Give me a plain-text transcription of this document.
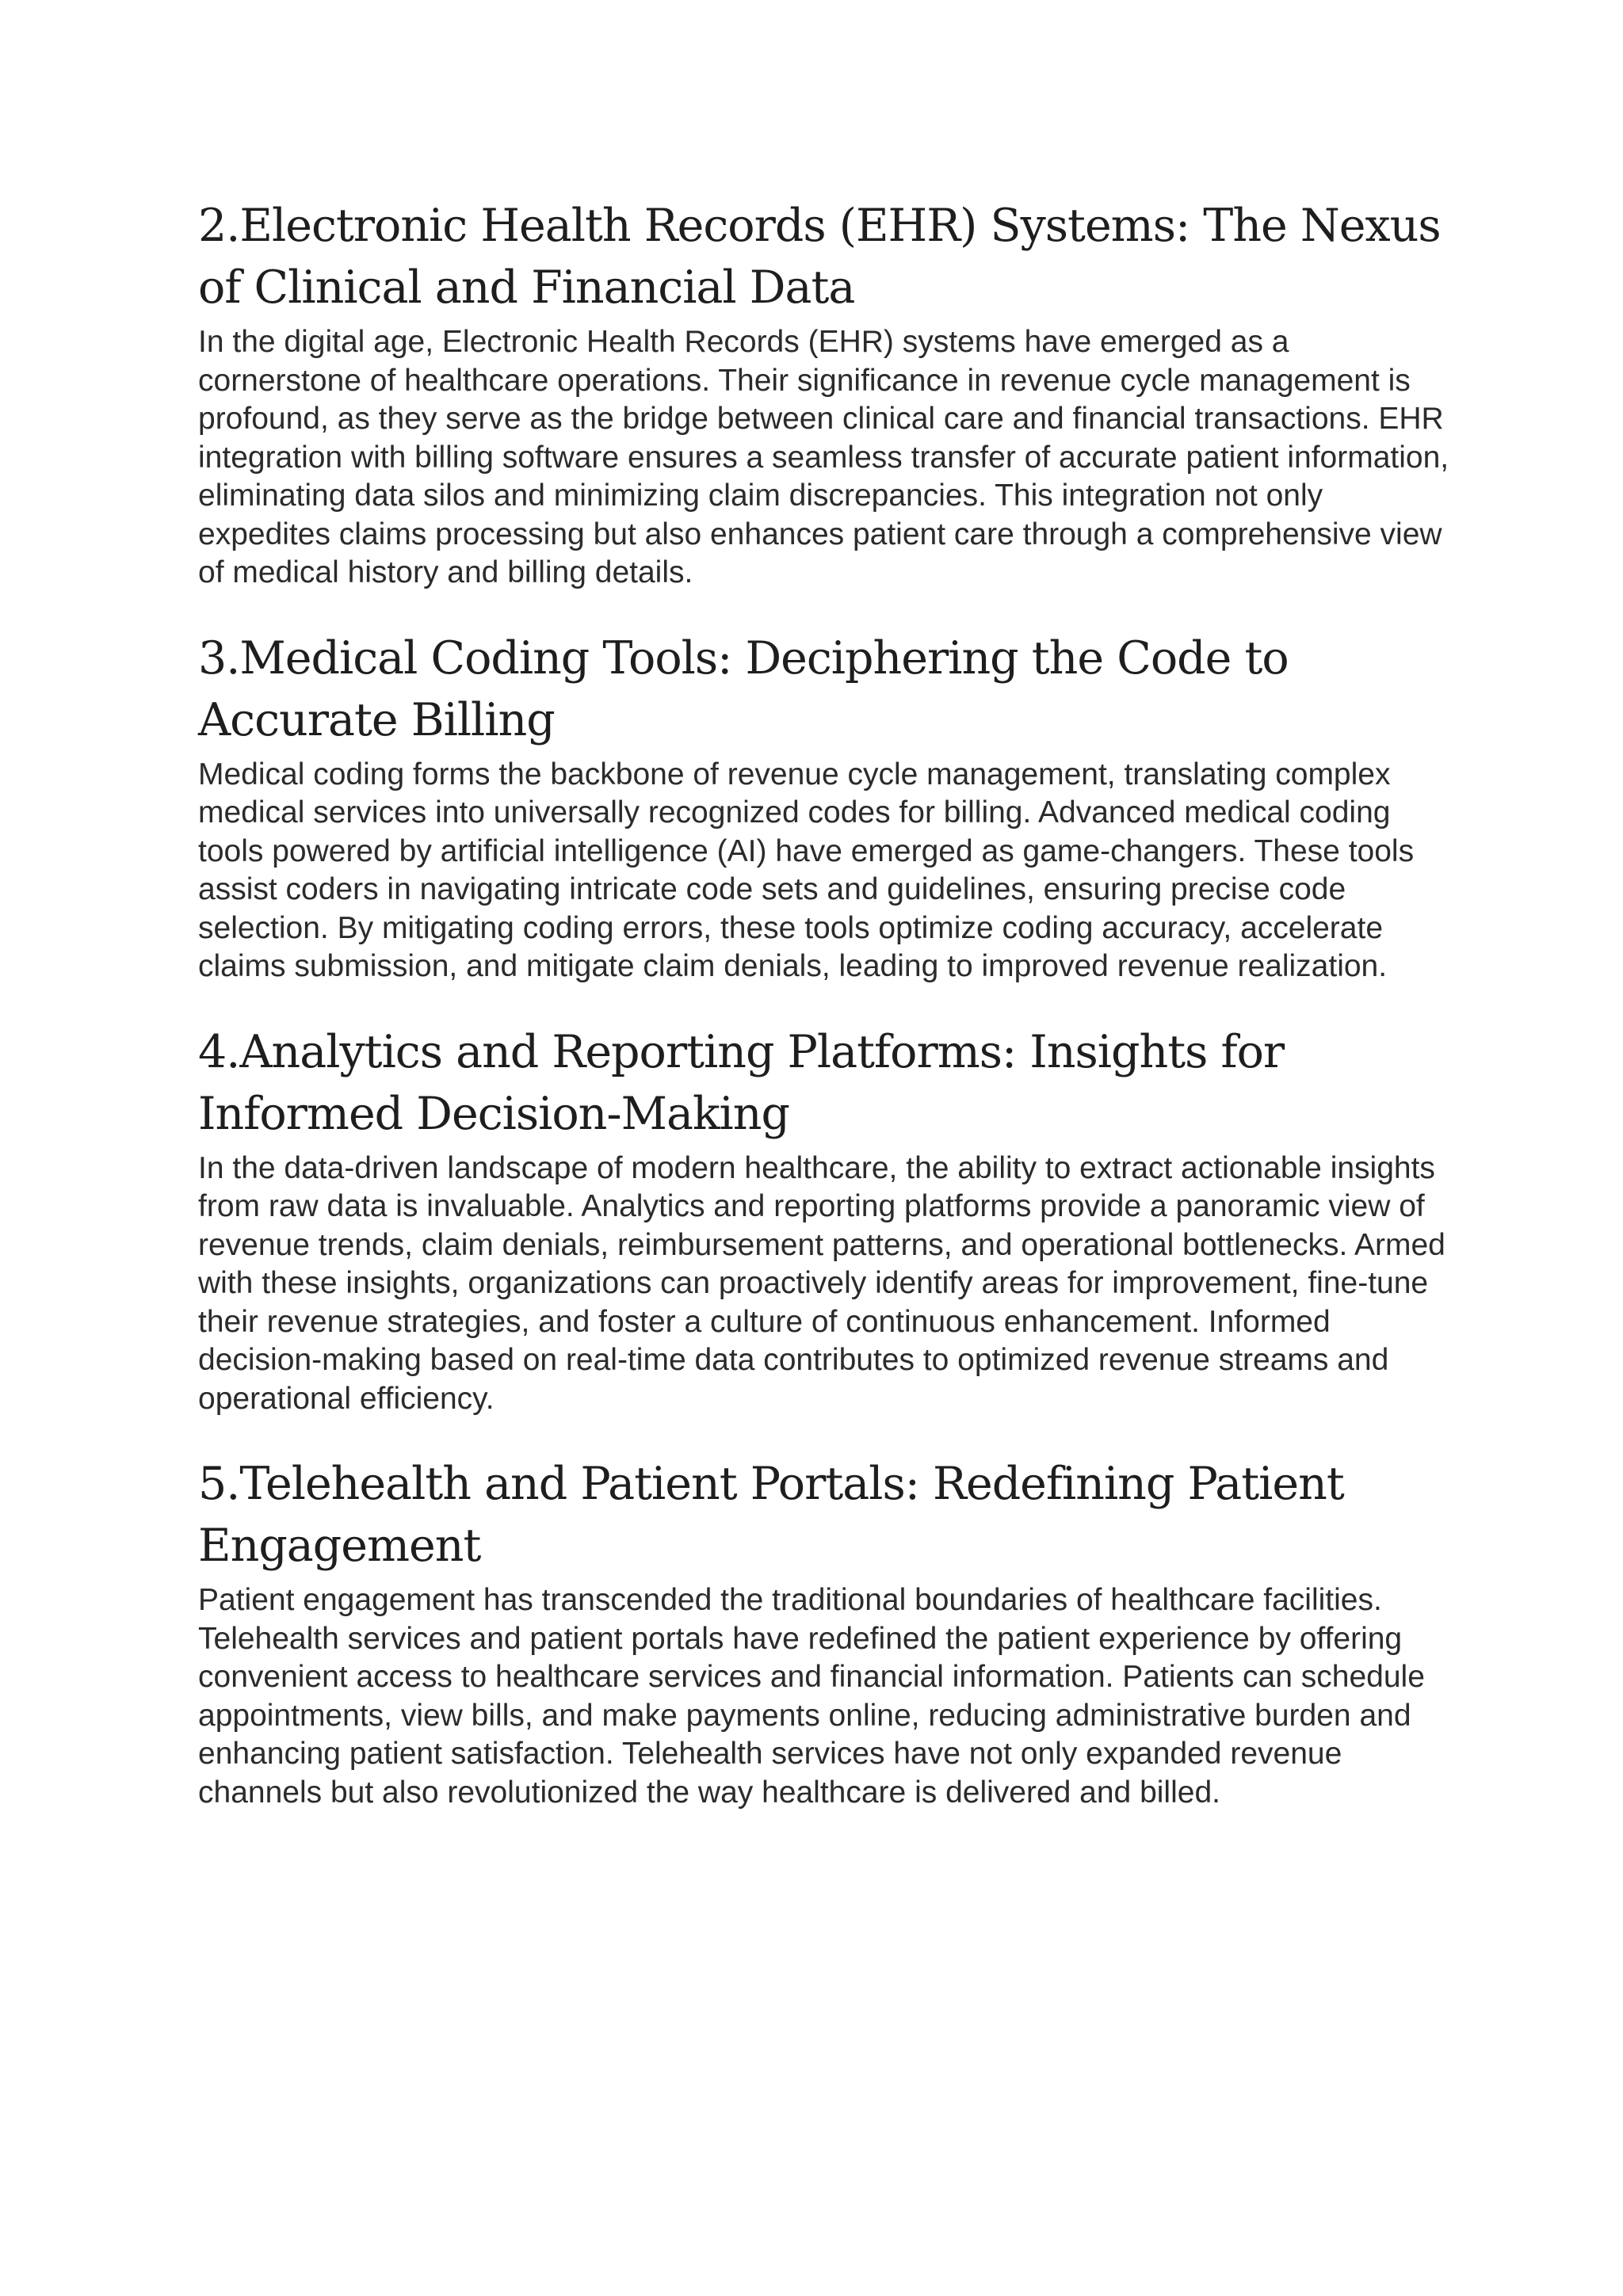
2.Electronic Health Records (EHR) Systems: The Nexus of Clinical and Financial Data

In the digital age, Electronic Health Records (EHR) systems have emerged as a cornerstone of healthcare operations. Their significance in revenue cycle management is profound, as they serve as the bridge between clinical care and financial transactions. EHR integration with billing software ensures a seamless transfer of accurate patient information, eliminating data silos and minimizing claim discrepancies. This integration not only expedites claims processing but also enhances patient care through a comprehensive view of medical history and billing details.

3.Medical Coding Tools: Deciphering the Code to Accurate Billing

Medical coding forms the backbone of revenue cycle management, translating complex medical services into universally recognized codes for billing. Advanced medical coding tools powered by artificial intelligence (AI) have emerged as game-changers. These tools assist coders in navigating intricate code sets and guidelines, ensuring precise code selection. By mitigating coding errors, these tools optimize coding accuracy, accelerate claims submission, and mitigate claim denials, leading to improved revenue realization.

4.Analytics and Reporting Platforms: Insights for Informed Decision-Making

In the data-driven landscape of modern healthcare, the ability to extract actionable insights from raw data is invaluable. Analytics and reporting platforms provide a panoramic view of revenue trends, claim denials, reimbursement patterns, and operational bottlenecks. Armed with these insights, organizations can proactively identify areas for improvement, fine-tune their revenue strategies, and foster a culture of continuous enhancement. Informed decision-making based on real-time data contributes to optimized revenue streams and operational efficiency.

5.Telehealth and Patient Portals: Redefining Patient Engagement

Patient engagement has transcended the traditional boundaries of healthcare facilities. Telehealth services and patient portals have redefined the patient experience by offering convenient access to healthcare services and financial information. Patients can schedule appointments, view bills, and make payments online, reducing administrative burden and enhancing patient satisfaction. Telehealth services have not only expanded revenue channels but also revolutionized the way healthcare is delivered and billed.
